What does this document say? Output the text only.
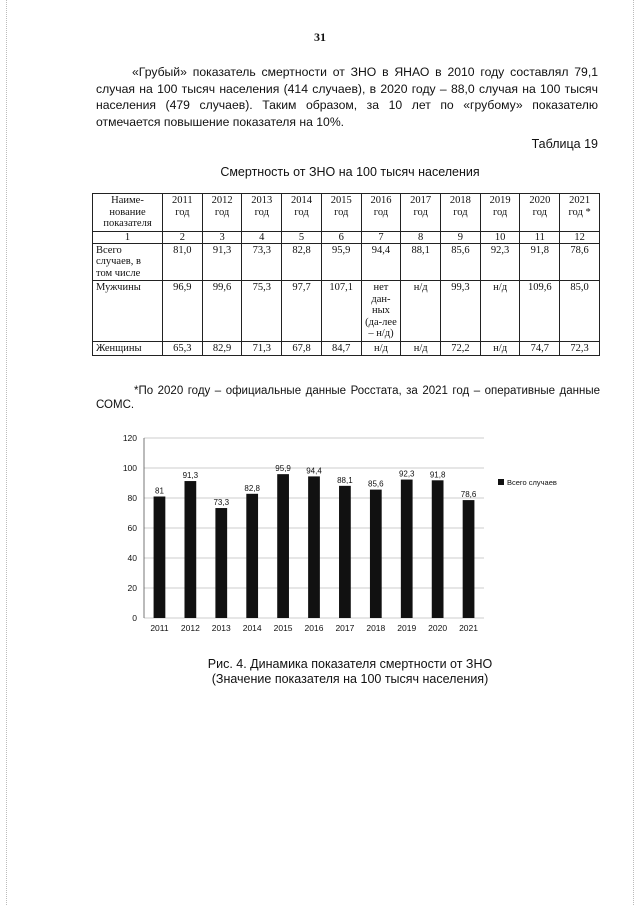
31

«Грубый» показатель смертности от ЗНО в ЯНАО в 2010 году составлял 79,1 случая на 100 тысяч населения (414 случаев), в 2020 году – 88,0 случая на 100 тысяч населения (479 случаев). Таким образом, за 10 лет по «грубому» показателю отмечается повышение показателя на 10%.

Таблица 19
Смертность от ЗНО на 100 тысяч населения
Наиме-нование показателя	2011 год	2012 год	2013 год	2014 год	2015 год	2016 год	2017 год	2018 год	2019 год	2020 год	2021 год *
1	2	3	4	5	6	7	8	9	10	11	12
Всего случаев, в том числе	81,0	91,3	73,3	82,8	95,9	94,4	88,1	85,6	92,3	91,8	78,6
Мужчины	96,9	99,6	75,3	97,7	107,1	нет дан-ных (да-лее – н/д)	н/д	99,3	н/д	109,6	85,0
Женщины	65,3	82,9	71,3	67,8	84,7	н/д	н/д	72,2	н/д	74,7	72,3

*По 2020 году – официальные данные Росстата, за 2021 год – оперативные данные СОМС.

0
20
40
60
80
100
120
81
2011
91,3
2012
73,3
2013
82,8
2014
95,9
2015
94,4
2016
88,1
2017
85,6
2018
92,3
2019
91,8
2020
78,6
2021
Всего случаев
Рис. 4. Динамика показателя смертности от ЗНО
(Значение показателя на 100 тысяч населения)
